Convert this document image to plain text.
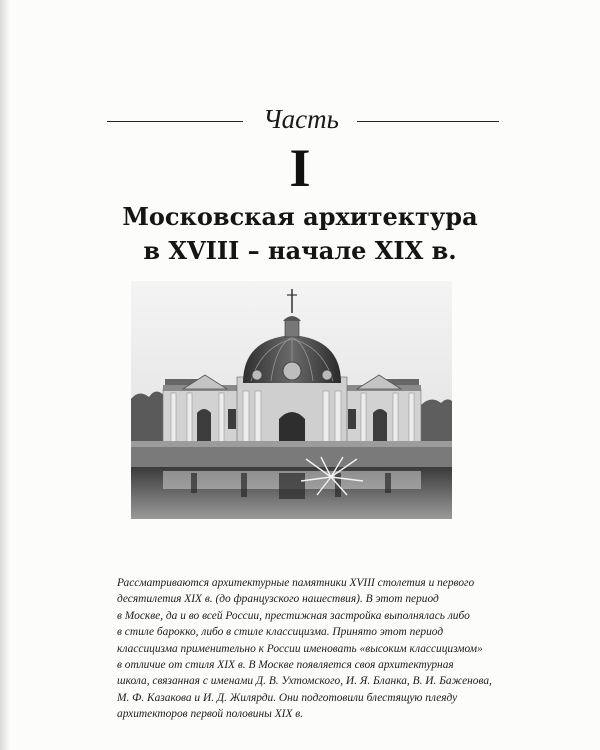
Часть
I
Московская архитектура
в XVIII – начале XIX в.
Рассматриваются архитектурные памятники XVIII столетия и первого
десятилетия XIX в. (до французского нашествия). В этот период
в Москве, да и во всей России, престижная застройка выполнялась либо
в стиле барокко, либо в стиле классицизма. Принято этот период
классицизма применительно к России именовать «высоким классицизмом»
в отличие от стиля XIX в. В Москве появляется своя архитектурная
школа, связанная с именами Д. В. Ухтомского, И. Я. Бланка, В. И. Баженова,
М. Ф. Казакова и И. Д. Жилярди. Они подготовили блестящую плеяду
архитекторов первой половины XIX в.
